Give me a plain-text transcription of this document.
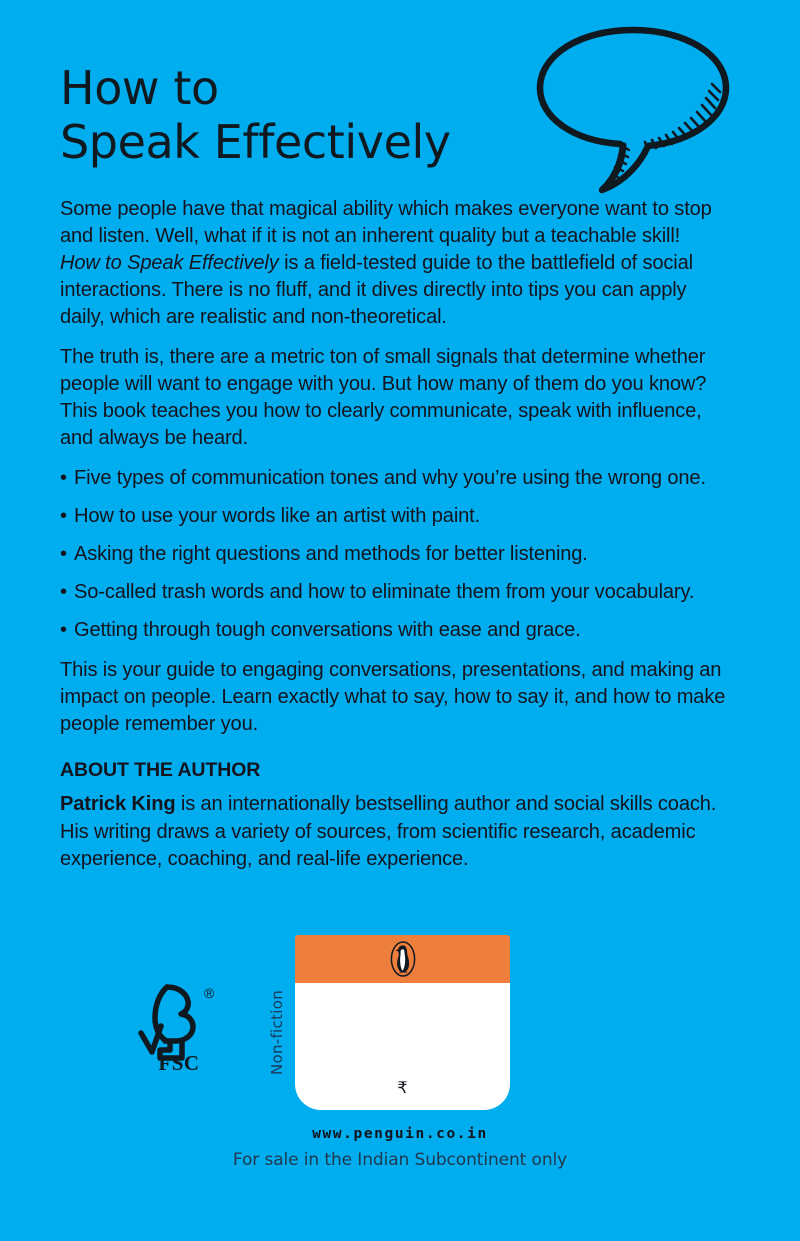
How to
Speak Effectively

Some people have that magical ability which makes everyone want to stop and listen. Well, what if it is not an inherent quality but a teachable skill!
How to Speak Effectively is a field-tested guide to the battlefield of social interactions. There is no fluff, and it dives directly into tips you can apply daily, which are realistic and non-theoretical.

The truth is, there are a metric ton of small signals that determine whether people will want to engage with you. But how many of them do you know? This book teaches you how to clearly communicate, speak with influence, and always be heard.

• Five types of communication tones and why you’re using the wrong one.
• How to use your words like an artist with paint.
• Asking the right questions and methods for better listening.
• So-called trash words and how to eliminate them from your vocabulary.
• Getting through tough conversations with ease and grace.

This is your guide to engaging conversations, presentations, and making an impact on people. Learn exactly what to say, how to say it, and how to make people remember you.

ABOUT THE AUTHOR

Patrick King is an internationally bestselling author and social skills coach. His writing draws a variety of sources, from scientific research, academic experience, coaching, and real-life experience.

®
FSC	Non-fiction
₹
www.penguin.co.in
For sale in the Indian Subcontinent only
